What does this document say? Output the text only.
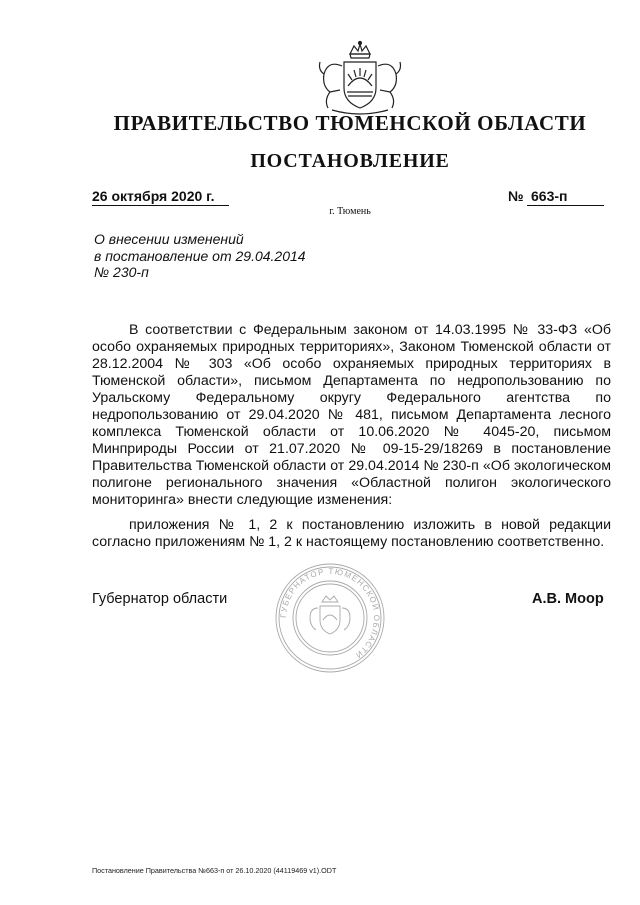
ПРАВИТЕЛЬСТВО ТЮМЕНСКОЙ ОБЛАСТИ
ПОСТАНОВЛЕНИЕ
26 октября 2020 г.	№ 663-п
г. Тюмень
О внесении изменений
в постановление от 29.04.2014
№ 230-п

В соответствии с Федеральным законом от 14.03.1995 № 33-ФЗ «Об особо охраняемых природных территориях», Законом Тюменской области от 28.12.2004 № 303 «Об особо охраняемых природных территориях в Тюменской области», письмом Департамента по недропользованию по Уральскому Федеральному округу Федерального агентства по недропользованию от 29.04.2020 № 481, письмом Департамента лесного комплекса Тюменской области от 10.06.2020 № 4045-20, письмом Минприроды России от 21.07.2020 № 09-15-29/18269 в постановление Правительства Тюменской области от 29.04.2014 № 230-п «Об экологическом полигоне регионального значения «Областной полигон экологического мониторинга» внести следующие изменения:

приложения № 1, 2 к постановлению изложить в новой редакции согласно приложениям № 1, 2 к настоящему постановлению соответственно.

ГУБЕРНАТОР ТЮМЕНСКОЙ ОБЛАСТИ
Губернатор области	А.В. Моор
Постановление Правительства №663-п от 26.10.2020 (44119469 v1).ODT
